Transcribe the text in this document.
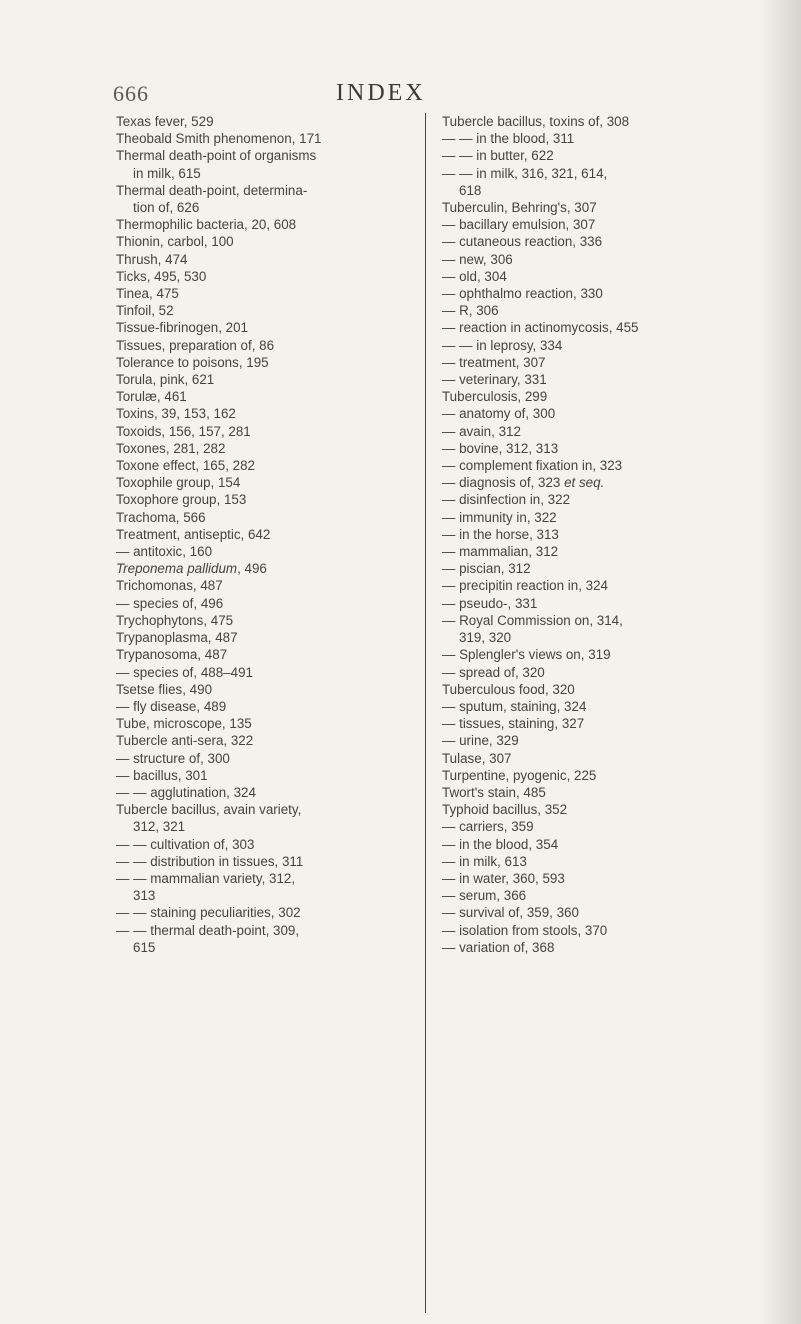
666	INDEX
Texas fever, 529
Theobald Smith phenomenon, 171
Thermal death-point of organisms
in milk, 615
Thermal death-point, determina-
tion of, 626
Thermophilic bacteria, 20, 608
Thionin, carbol, 100
Thrush, 474
Ticks, 495, 530
Tinea, 475
Tinfoil, 52
Tissue-fibrinogen, 201
Tissues, preparation of, 86
Tolerance to poisons, 195
Torula, pink, 621
Torulæ, 461
Toxins, 39, 153, 162
Toxoids, 156, 157, 281
Toxones, 281, 282
Toxone effect, 165, 282
Toxophile group, 154
Toxophore group, 153
Trachoma, 566
Treatment, antiseptic, 642
— antitoxic, 160
Treponema pallidum, 496
Trichomonas, 487
— species of, 496
Trychophytons, 475
Trypanoplasma, 487
Trypanosoma, 487
— species of, 488–491
Tsetse flies, 490
— fly disease, 489
Tube, microscope, 135
Tubercle anti-sera, 322
— structure of, 300
— bacillus, 301
— — agglutination, 324
Tubercle bacillus, avain variety,
312, 321
— — cultivation of, 303
— — distribution in tissues, 311
— — mammalian variety, 312,
313
— — staining peculiarities, 302
— — thermal death-point, 309,
615
Tubercle bacillus, toxins of, 308
— — in the blood, 311
— — in butter, 622
— — in milk, 316, 321, 614,
618
Tuberculin, Behring's, 307
— bacillary emulsion, 307
— cutaneous reaction, 336
— new, 306
— old, 304
— ophthalmo reaction, 330
— R, 306
— reaction in actinomycosis, 455
— — in leprosy, 334
— treatment, 307
— veterinary, 331
Tuberculosis, 299
— anatomy of, 300
— avain, 312
— bovine, 312, 313
— complement fixation in, 323
— diagnosis of, 323 et seq.
— disinfection in, 322
— immunity in, 322
— in the horse, 313
— mammalian, 312
— piscian, 312
— precipitin reaction in, 324
— pseudo-, 331
— Royal Commission on, 314,
319, 320
— Splengler's views on, 319
— spread of, 320
Tuberculous food, 320
— sputum, staining, 324
— tissues, staining, 327
— urine, 329
Tulase, 307
Turpentine, pyogenic, 225
Twort's stain, 485
Typhoid bacillus, 352
— carriers, 359
— in the blood, 354
— in milk, 613
— in water, 360, 593
— serum, 366
— survival of, 359, 360
— isolation from stools, 370
— variation of, 368
